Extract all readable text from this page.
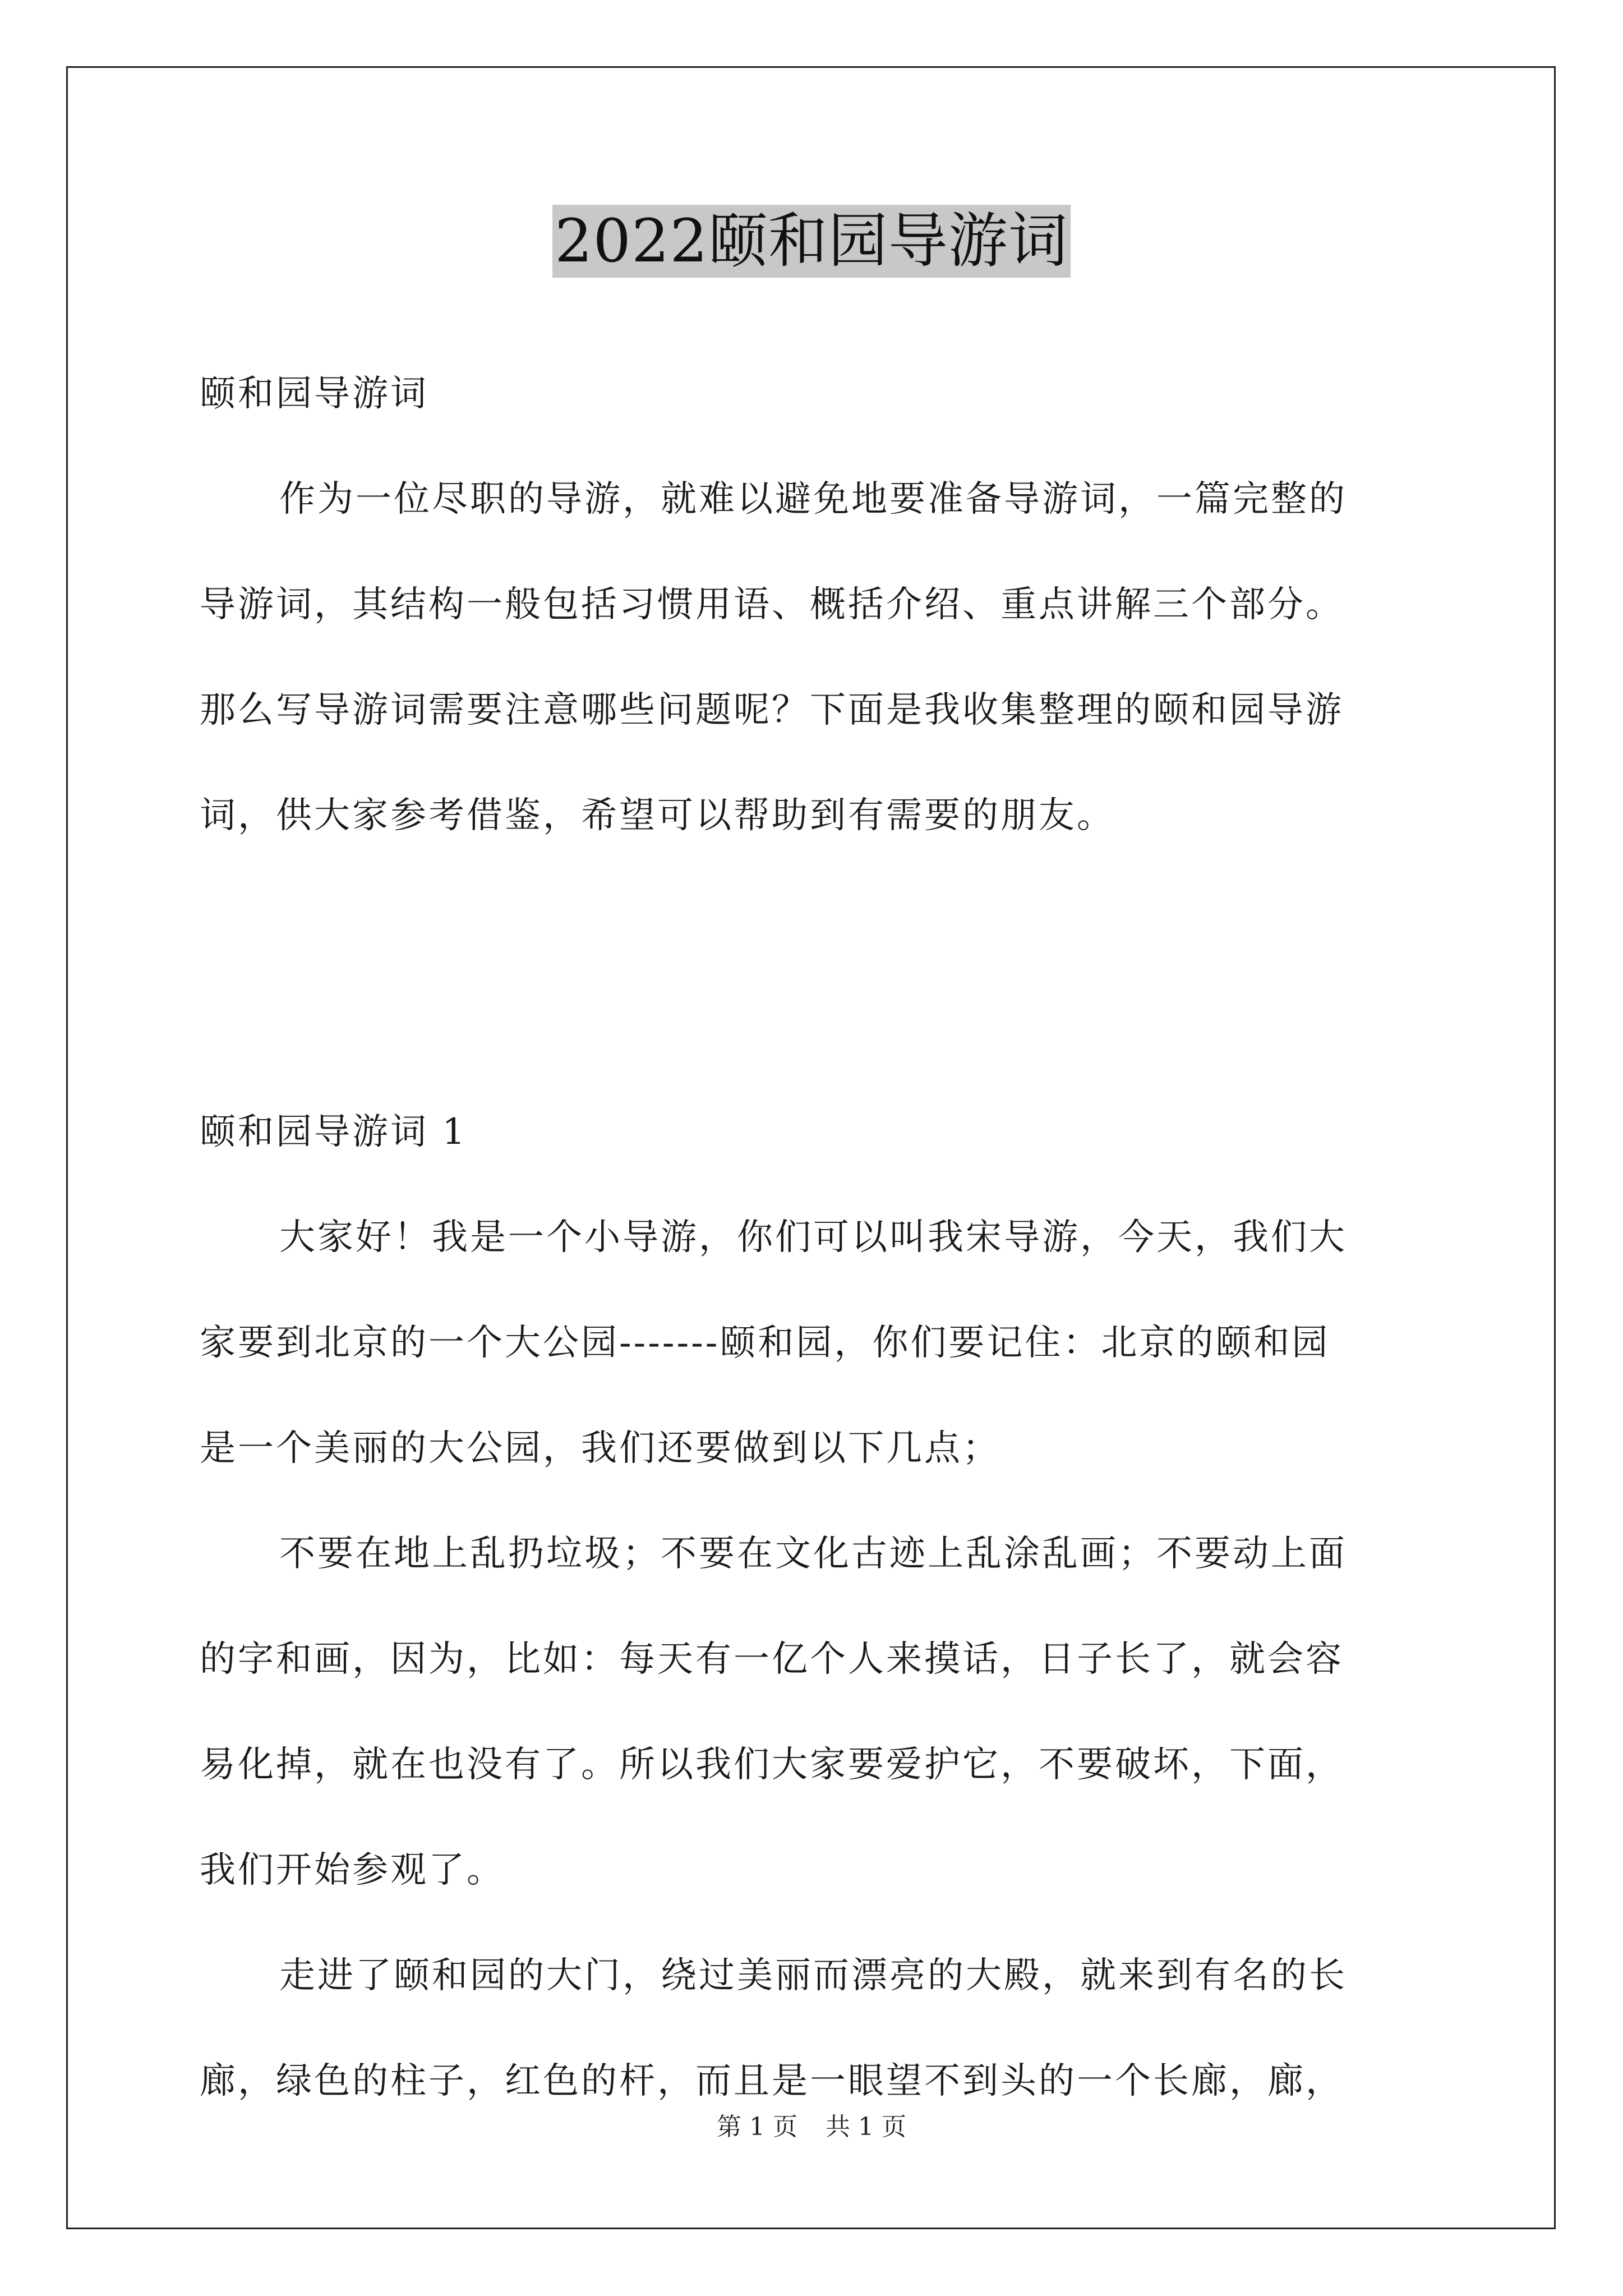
2022颐和园导游词
颐和园导游词
作为一位尽职的导游，就难以避免地要准备导游词，一篇完整的
导游词，其结构一般包括习惯用语、概括介绍、重点讲解三个部分。
那么写导游词需要注意哪些问题呢？下面是我收集整理的颐和园导游
词，供大家参考借鉴，希望可以帮助到有需要的朋友。
颐和园导游词 1
大家好！我是一个小导游，你们可以叫我宋导游，今天，我们大
家要到北京的一个大公园-------颐和园，你们要记住：北京的颐和园
是一个美丽的大公园，我们还要做到以下几点；
不要在地上乱扔垃圾；不要在文化古迹上乱涂乱画；不要动上面
的字和画，因为，比如：每天有一亿个人来摸话，日子长了，就会容
易化掉，就在也没有了。所以我们大家要爱护它，不要破坏，下面，
我们开始参观了。
走进了颐和园的大门，绕过美丽而漂亮的大殿，就来到有名的长
廊，绿色的柱子，红色的杆，而且是一眼望不到头的一个长廊，廊，
第 1 页 共 1 页
